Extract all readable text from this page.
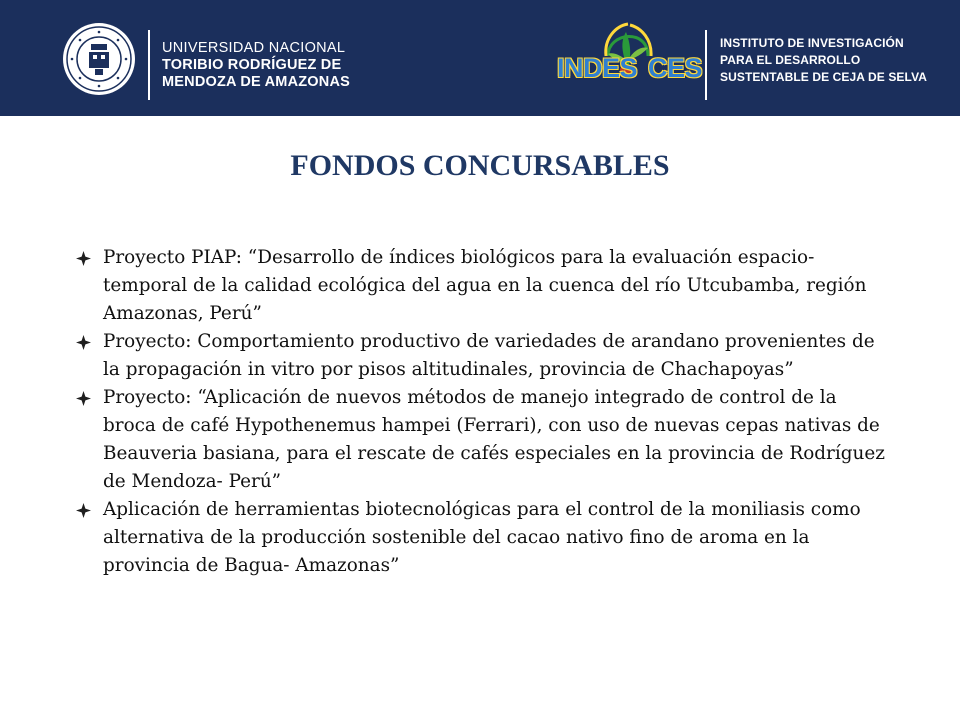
UNIVERSIDAD NACIONAL
TORIBIO RODRÍGUEZ DE
MENDOZA DE AMAZONAS	INDES CES
INSTITUTO DE INVESTIGACIÓN
PARA EL DESARROLLO
SUSTENTABLE DE CEJA DE SELVA
FONDOS CONCURSABLES
Proyecto PIAP: “Desarrollo de índices biológicos para la evaluación espacio-temporal de la calidad ecológica del agua en la cuenca del río Utcubamba, región Amazonas, Perú”
Proyecto: Comportamiento productivo de variedades de arandano provenientes de la propagación in vitro por pisos altitudinales, provincia de Chachapoyas”
Proyecto: “Aplicación de nuevos métodos de manejo integrado de control de la broca de café Hypothenemus hampei (Ferrari), con uso de nuevas cepas nativas de Beauveria basiana, para el rescate de cafés especiales en la provincia de Rodríguez de Mendoza- Perú”
Aplicación de herramientas biotecnológicas para el control de la moniliasis como alternativa de la producción sostenible del cacao nativo fino de aroma en la provincia de Bagua- Amazonas”
